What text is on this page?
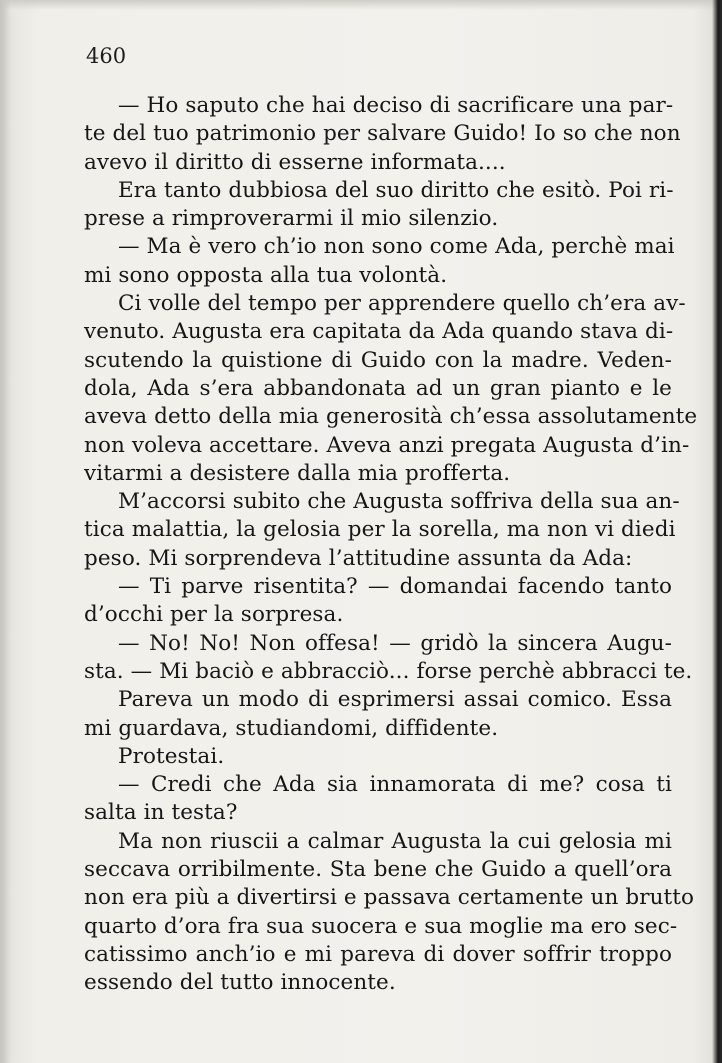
460

— Ho saputo che hai deciso di sacrificare una par-
te del tuo patrimonio per salvare Guido! Io so che non
avevo il diritto di esserne informata....
Era tanto dubbiosa del suo diritto che esitò. Poi ri-
prese a rimproverarmi il mio silenzio.
— Ma è vero ch’io non sono come Ada, perchè mai
mi sono opposta alla tua volontà.
Ci volle del tempo per apprendere quello ch’era av-
venuto. Augusta era capitata da Ada quando stava di-
scutendo la quistione di Guido con la madre. Veden-
dola, Ada s’era abbandonata ad un gran pianto e le
aveva detto della mia generosità ch’essa assolutamente
non voleva accettare. Aveva anzi pregata Augusta d’in-
vitarmi a desistere dalla mia profferta.
M’accorsi subito che Augusta soffriva della sua an-
tica malattia, la gelosia per la sorella, ma non vi diedi
peso. Mi sorprendeva l’attitudine assunta da Ada:
— Ti parve risentita? — domandai facendo tanto
d’occhi per la sorpresa.
— No! No! Non offesa! — gridò la sincera Augu-
sta. — Mi baciò e abbracciò... forse perchè abbracci te.
Pareva un modo di esprimersi assai comico. Essa
mi guardava, studiandomi, diffidente.
Protestai.
— Credi che Ada sia innamorata di me? cosa ti
salta in testa?
Ma non riuscii a calmar Augusta la cui gelosia mi
seccava orribilmente. Sta bene che Guido a quell’ora
non era più a divertirsi e passava certamente un brutto
quarto d’ora fra sua suocera e sua moglie ma ero sec-
catissimo anch’io e mi pareva di dover soffrir troppo
essendo del tutto innocente.
